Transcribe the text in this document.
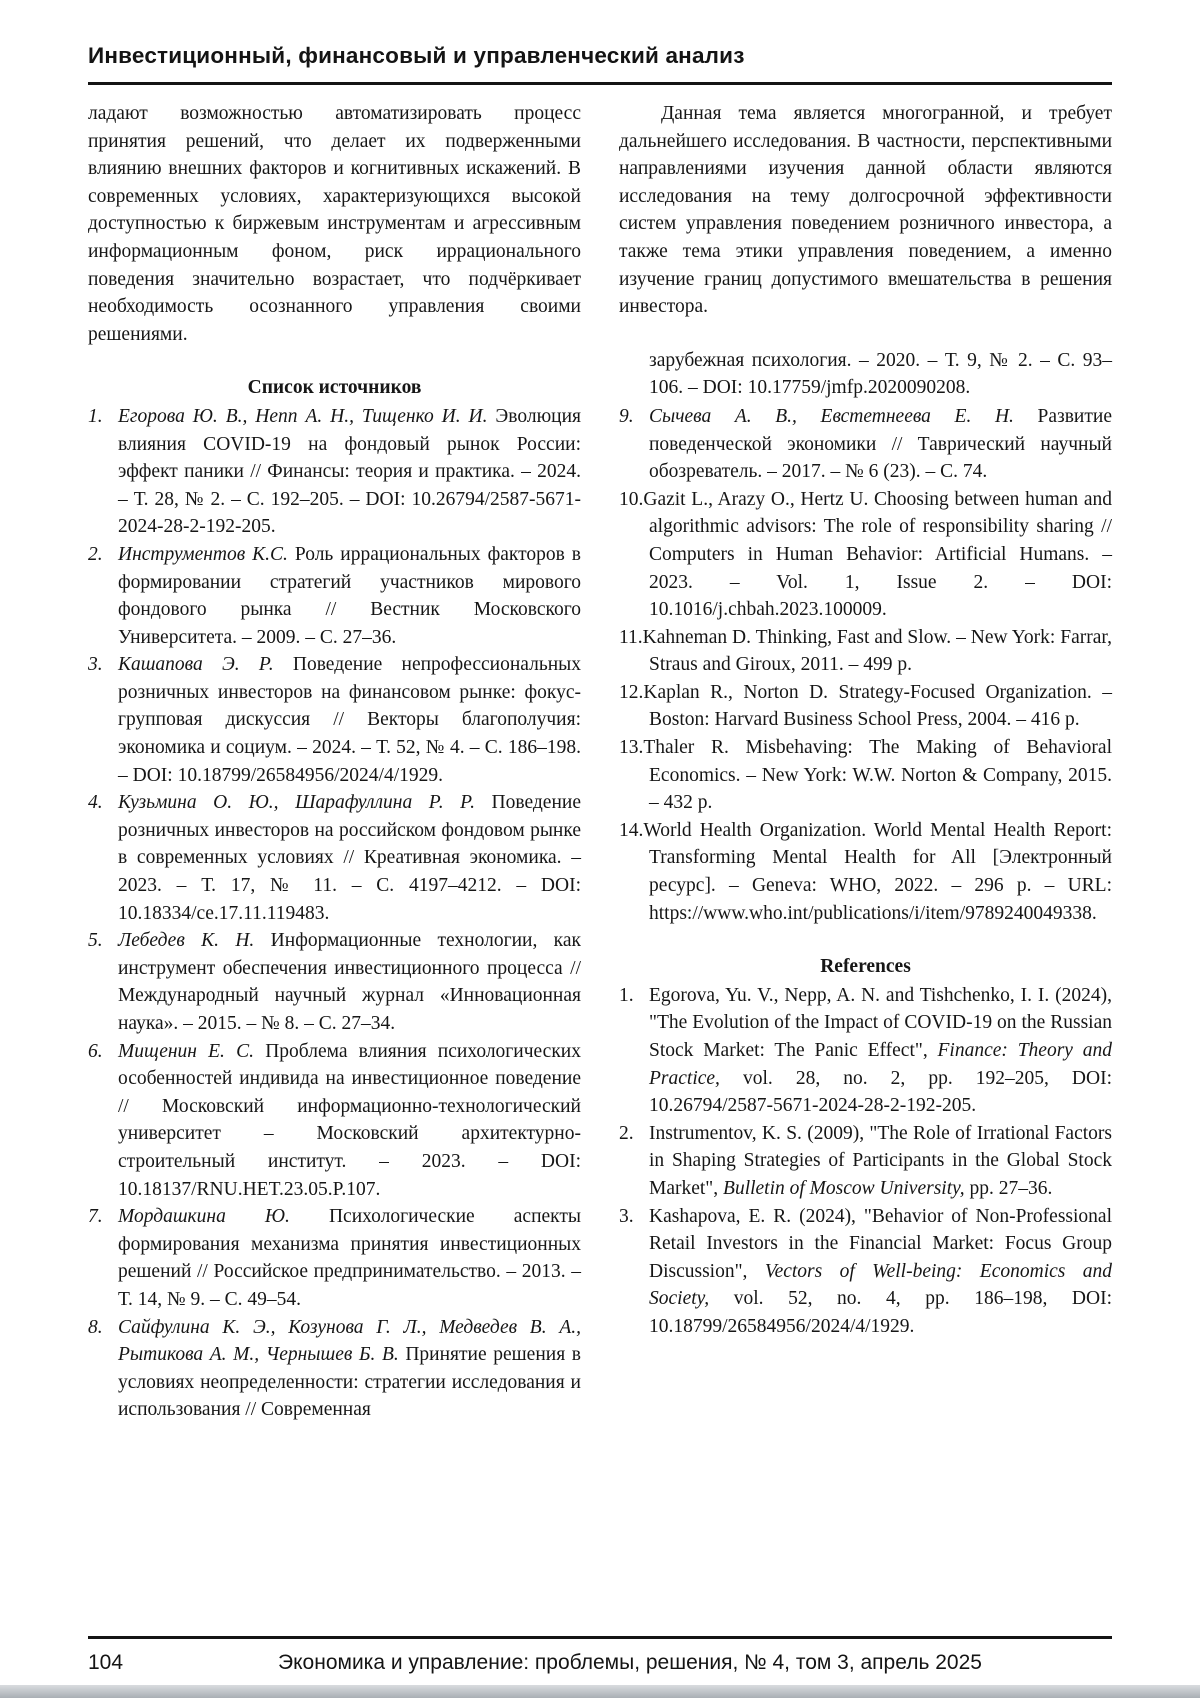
Инвестиционный, финансовый и управленческий анализ

ладают возможностью автоматизировать процесс принятия решений, что делает их подверженными влиянию внешних факторов и когнитивных искажений. В современных условиях, характеризующихся высокой доступностью к биржевым инструментам и агрессивным информационным фоном, риск иррационального поведения значительно возрастает, что подчёркивает необходимость осознанного управления своими решениями.

Список источников
1. Егорова Ю. В., Непп А. Н., Тищенко И. И. Эволюция влияния COVID-19 на фондовый рынок России: эффект паники // Финансы: теория и практика. – 2024. – Т. 28, № 2. – С. 192–205. – DOI: 10.26794/2587-5671-2024-28-2-192-205.
2. Инструментов К.С. Роль иррациональных факторов в формировании стратегий участников мирового фондового рынка // Вестник Московского Университета. – 2009. – С. 27–36.
3. Кашапова Э. Р. Поведение непрофессиональных розничных инвесторов на финансовом рынке: фокус-групповая дискуссия // Векторы благополучия: экономика и социум. – 2024. – Т. 52, № 4. – С. 186–198. – DOI: 10.18799/26584956/2024/4/1929.
4. Кузьмина О. Ю., Шарафуллина Р. Р. Поведение розничных инвесторов на российском фондовом рынке в современных условиях // Креативная экономика. – 2023. – Т. 17, № 11. – С. 4197–4212. – DOI: 10.18334/ce.17.11.119483.
5. Лебедев К. Н. Информационные технологии, как инструмент обеспечения инвестиционного процесса // Международный научный журнал «Инновационная наука». – 2015. – № 8. – С. 27–34.
6. Мищенин Е. С. Проблема влияния психологических особенностей индивида на инвестиционное поведение // Московский информационно-технологический университет – Московский архитектурно-строительный институт. – 2023. – DOI: 10.18137/RNU.HET.23.05.P.107.
7. Мордашкина Ю. Психологические аспекты формирования механизма принятия инвестиционных решений // Российское предпринимательство. – 2013. – Т. 14, № 9. – С. 49–54.
8. Сайфулина К. Э., Козунова Г. Л., Медведев В. А., Рытикова А. М., Чернышев Б. В. Принятие решения в условиях неопределенности: стратегии исследования и использования // Современная

Данная тема является многогранной, и требует дальнейшего исследования. В частности, перспективными направлениями изучения данной области являются исследования на тему долгосрочной эффективности систем управления поведением розничного инвестора, а также тема этики управления поведением, а именно изучение границ допустимого вмешательства в решения инвестора.

зарубежная психология. – 2020. – Т. 9, № 2. – С. 93–106. – DOI: 10.17759/jmfp.2020090208.

9. Сычева А. В., Евстетнеева Е. Н. Развитие поведенческой экономики // Таврический научный обозреватель. – 2017. – № 6 (23). – С. 74.
10.Gazit L., Arazy O., Hertz U. Choosing between human and algorithmic advisors: The role of responsibility sharing // Computers in Human Behavior: Artificial Humans. – 2023. – Vol. 1, Issue 2. – DOI: 10.1016/j.chbah.2023.100009.
11.Kahneman D. Thinking, Fast and Slow. – New York: Farrar, Straus and Giroux, 2011. – 499 p.
12.Kaplan R., Norton D. Strategy-Focused Organization. – Boston: Harvard Business School Press, 2004. – 416 p.
13.Thaler R. Misbehaving: The Making of Behavioral Economics. – New York: W.W. Norton & Company, 2015. – 432 p.
14.World Health Organization. World Mental Health Report: Transforming Mental Health for All [Электронный ресурс]. – Geneva: WHO, 2022. – 296 p. – URL: https://www.who.int/publications/i/item/9789240049338.
References
1. Egorova, Yu. V., Nepp, A. N. and Tishchenko, I. I. (2024), "The Evolution of the Impact of COVID-19 on the Russian Stock Market: The Panic Effect", Finance: Theory and Practice, vol. 28, no. 2, pp. 192–205, DOI: 10.26794/2587-5671-2024-28-2-192-205.
2. Instrumentov, K. S. (2009), "The Role of Irrational Factors in Shaping Strategies of Participants in the Global Stock Market", Bulletin of Moscow University, pp. 27–36.
3. Kashapova, E. R. (2024), "Behavior of Non-Professional Retail Investors in the Financial Market: Focus Group Discussion", Vectors of Well-being: Economics and Society, vol. 52, no. 4, pp. 186–198, DOI: 10.18799/26584956/2024/4/1929.
104	Экономика и управление: проблемы, решения, № 4, том 3, апрель 2025
